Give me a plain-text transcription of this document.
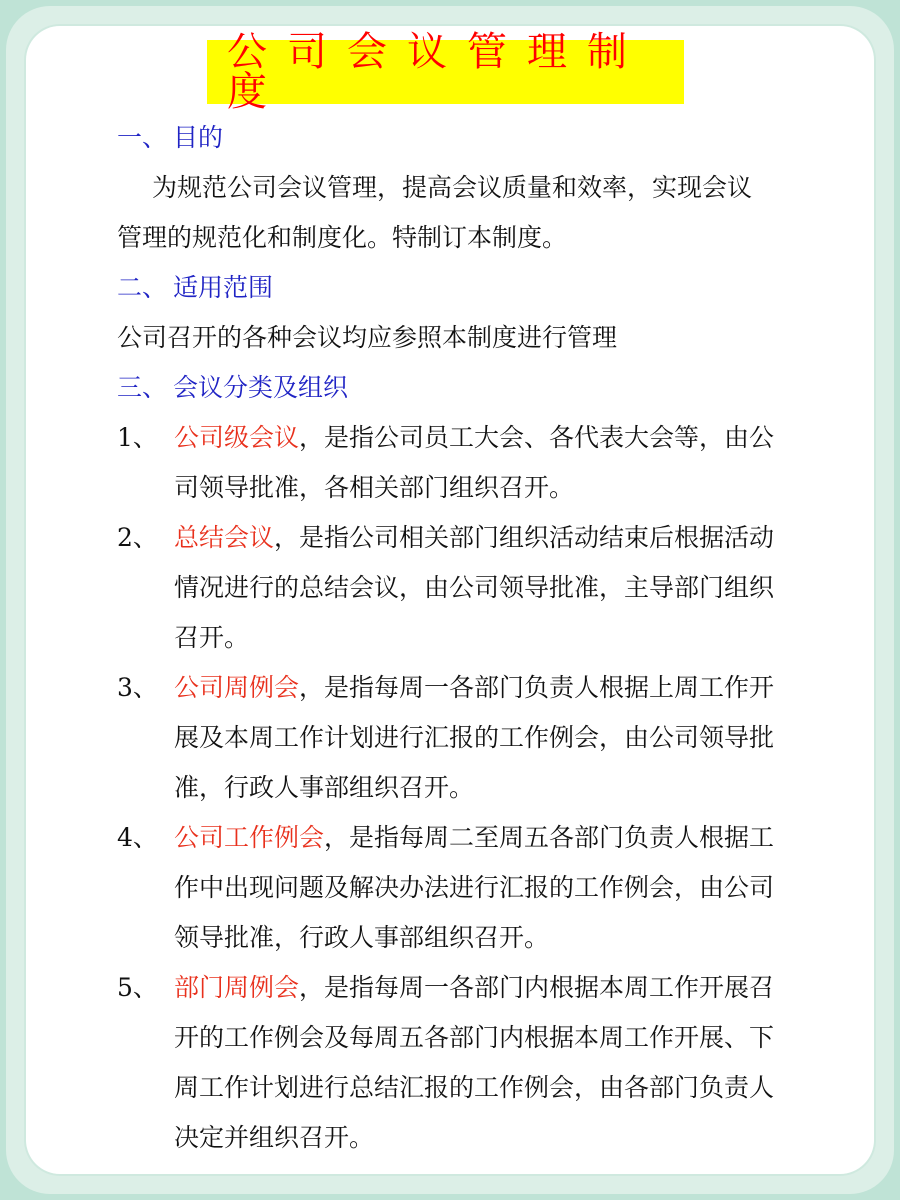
公司会议管理制度
一、 目的
为规范公司会议管理，提高会议质量和效率，实现会议
管理的规范化和制度化。特制订本制度。
二、 适用范围
公司召开的各种会议均应参照本制度进行管理
三、 会议分类及组织
1、 公司级会议，是指公司员工大会、各代表大会等，由公
司领导批准，各相关部门组织召开。
2、 总结会议，是指公司相关部门组织活动结束后根据活动
情况进行的总结会议，由公司领导批准，主导部门组织
召开。
3、 公司周例会，是指每周一各部门负责人根据上周工作开
展及本周工作计划进行汇报的工作例会，由公司领导批
准，行政人事部组织召开。
4、 公司工作例会，是指每周二至周五各部门负责人根据工
作中出现问题及解决办法进行汇报的工作例会，由公司
领导批准，行政人事部组织召开。
5、 部门周例会，是指每周一各部门内根据本周工作开展召
开的工作例会及每周五各部门内根据本周工作开展、下
周工作计划进行总结汇报的工作例会，由各部门负责人
决定并组织召开。
